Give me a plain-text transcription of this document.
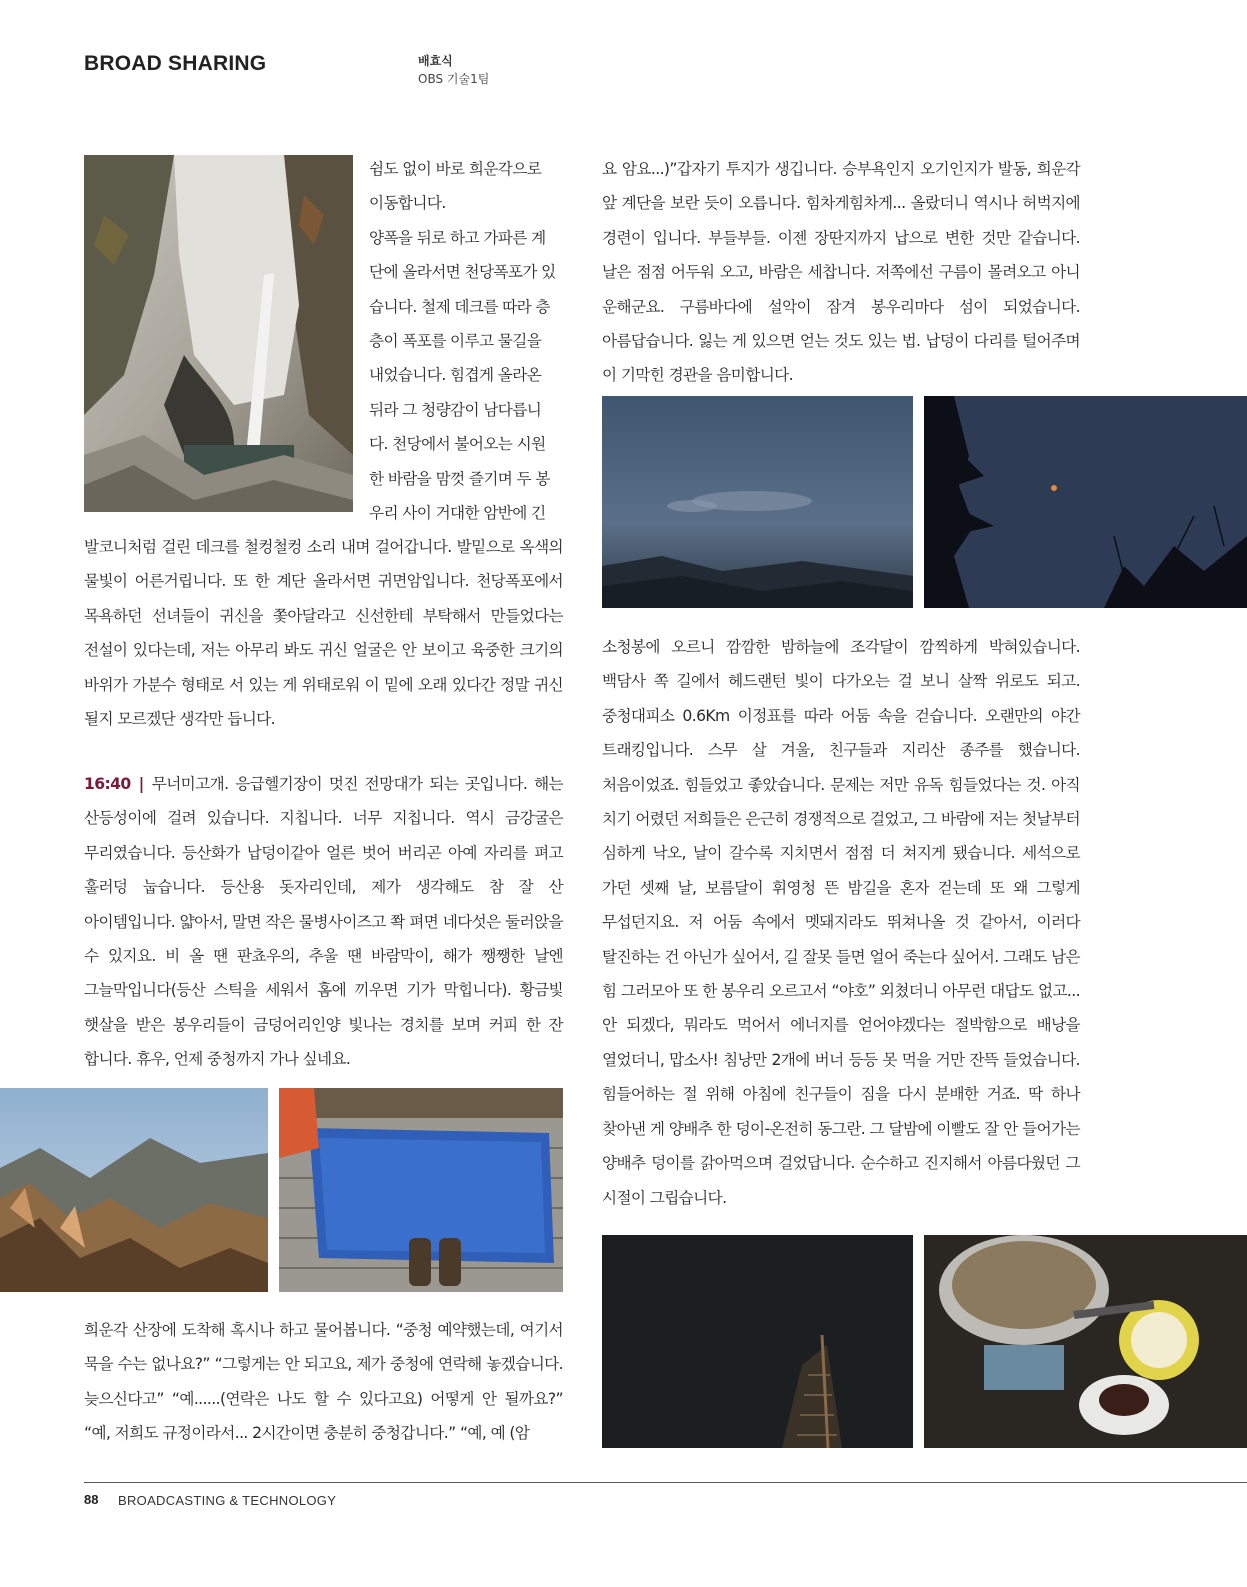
BROAD SHARING	배효식
OBS 기술1팀

쉼도 없이 바로 희운각으로

이동합니다.

양폭을 뒤로 하고 가파른 계

단에 올라서면 천당폭포가 있

습니다. 철제 데크를 따라 층

층이 폭포를 이루고 물길을

내었습니다. 힘겹게 올라온

뒤라 그 청량감이 남다릅니

다. 천당에서 불어오는 시원

한 바람을 맘껏 즐기며 두 봉

우리 사이 거대한 암반에 긴

발코니처럼 걸린 데크를 철컹철컹 소리 내며 걸어갑니다. 발밑으로 옥색의 물빛이 어른거립니다. 또 한 계단 올라서면 귀면암입니다. 천당폭포에서 목욕하던 선녀들이 귀신을 쫓아달라고 신선한테 부탁해서 만들었다는 전설이 있다는데, 저는 아무리 봐도 귀신 얼굴은 안 보이고 육중한 크기의 바위가 가분수 형태로 서 있는 게 위태로워 이 밑에 오래 있다간 정말 귀신 될지 모르겠단 생각만 듭니다.

16:40 | 무너미고개. 응급헬기장이 멋진 전망대가 되는 곳입니다. 해는 산등성이에 걸려 있습니다. 지칩니다. 너무 지칩니다. 역시 금강굴은 무리였습니다. 등산화가 납덩이같아 얼른 벗어 버리곤 아예 자리를 펴고 훌러덩 눕습니다. 등산용 돗자리인데, 제가 생각해도 참 잘 산 아이템입니다. 얇아서, 말면 작은 물병사이즈고 쫙 펴면 네다섯은 둘러앉을 수 있지요. 비 올 땐 판쵸우의, 추울 땐 바람막이, 해가 쨍쨍한 날엔 그늘막입니다(등산 스틱을 세워서 홈에 끼우면 기가 막힙니다). 황금빛 햇살을 받은 봉우리들이 금덩어리인양 빛나는 경치를 보며 커피 한 잔 합니다. 휴우, 언제 중청까지 가나 싶네요.

희운각 산장에 도착해 혹시나 하고 물어봅니다. “중청 예약했는데, 여기서 묵을 수는 없나요?” “그렇게는 안 되고요, 제가 중청에 연락해 놓겠습니다. 늦으신다고” “예......(연락은 나도 할 수 있다고요) 어떻게 안 될까요?” “예, 저희도 규정이라서... 2시간이면 충분히 중청갑니다.” “예, 예 (암

요 암요...)”갑자기 투지가 생깁니다. 승부욕인지 오기인지가 발동, 희운각 앞 계단을 보란 듯이 오릅니다. 힘차게힘차게... 올랐더니 역시나 허벅지에 경련이 입니다. 부들부들. 이젠 장딴지까지 납으로 변한 것만 같습니다. 날은 점점 어두워 오고, 바람은 세찹니다. 저쪽에선 구름이 몰려오고 아니 운해군요. 구름바다에 설악이 잠겨 봉우리마다 섬이 되었습니다. 아름답습니다. 잃는 게 있으면 얻는 것도 있는 법. 납덩이 다리를 털어주며 이 기막힌 경관을 음미합니다.

소청봉에 오르니 깜깜한 밤하늘에 조각달이 깜찍하게 박혀있습니다. 백담사 쪽 길에서 헤드랜턴 빛이 다가오는 걸 보니 살짝 위로도 되고. 중청대피소 0.6Km 이정표를 따라 어둠 속을 걷습니다. 오랜만의 야간 트래킹입니다. 스무 살 겨울, 친구들과 지리산 종주를 했습니다. 처음이었죠. 힘들었고 좋았습니다. 문제는 저만 유독 힘들었다는 것. 아직 치기 어렸던 저희들은 은근히 경쟁적으로 걸었고, 그 바람에 저는 첫날부터 심하게 낙오, 날이 갈수록 지치면서 점점 더 쳐지게 됐습니다. 세석으로 가던 셋째 날, 보름달이 휘영청 뜬 밤길을 혼자 걷는데 또 왜 그렇게 무섭던지요. 저 어둠 속에서 멧돼지라도 뛰쳐나올 것 같아서, 이러다 탈진하는 건 아닌가 싶어서, 길 잘못 들면 얼어 죽는다 싶어서. 그래도 남은 힘 그러모아 또 한 봉우리 오르고서 “야호” 외쳤더니 아무런 대답도 없고... 안 되겠다, 뭐라도 먹어서 에너지를 얻어야겠다는 절박함으로 배낭을 열었더니, 맙소사! 침낭만 2개에 버너 등등 못 먹을 거만 잔뜩 들었습니다. 힘들어하는 절 위해 아침에 친구들이 짐을 다시 분배한 거죠. 딱 하나 찾아낸 게 양배추 한 덩이-온전히 동그란. 그 달밤에 이빨도 잘 안 들어가는 양배추 덩이를 갉아먹으며 걸었답니다. 순수하고 진지해서 아름다웠던 그 시절이 그립습니다.

88 BROADCASTING & TECHNOLOGY
